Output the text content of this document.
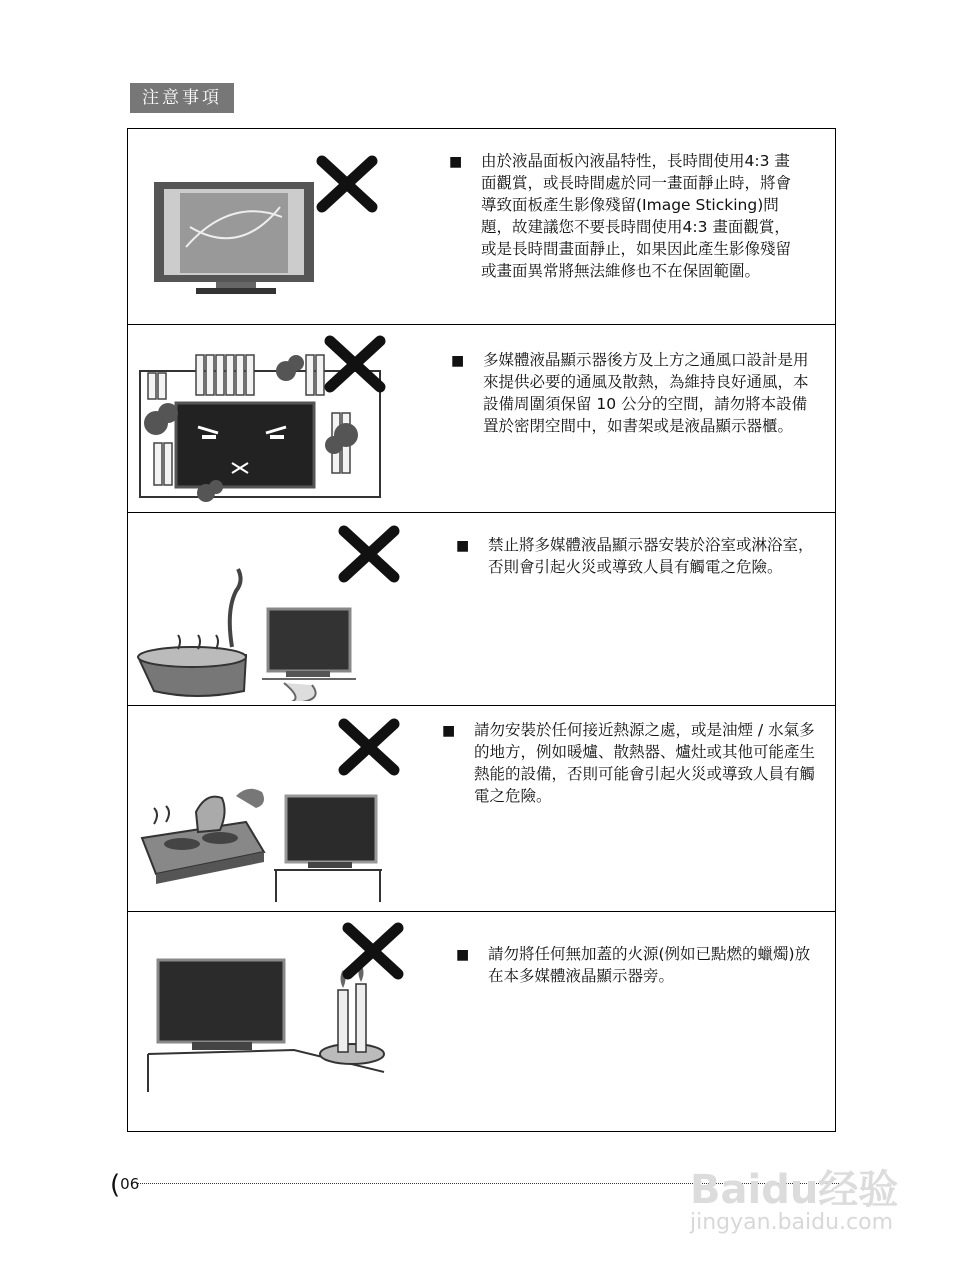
注意事項
■ 由於液晶面板內液晶特性，長時間使用4:3 畫面觀賞，或長時間處於同一畫面靜止時，將會導致面板產生影像殘留(Image Sticking)問題，故建議您不要長時間使用4:3 畫面觀賞，或是長時間畫面靜止，如果因此產生影像殘留或畫面異常將無法維修也不在保固範圍。
■ 多媒體液晶顯示器後方及上方之通風口設計是用來提供必要的通風及散熱，為維持良好通風，本設備周圍須保留 10 公分的空間，請勿將本設備置於密閉空間中，如書架或是液晶顯示器櫃。
■ 禁止將多媒體液晶顯示器安裝於浴室或淋浴室，否則會引起火災或導致人員有觸電之危險。
■ 請勿安裝於任何接近熱源之處，或是油煙 / 水氣多的地方，例如暖爐、散熱器、爐灶或其他可能產生熱能的設備，否則可能會引起火災或導致人員有觸電之危險。
■ 請勿將任何無加蓋的火源(例如已點燃的蠟燭)放在本多媒體液晶顯示器旁。
(06	Baidu经验
jingyan.baidu.com
